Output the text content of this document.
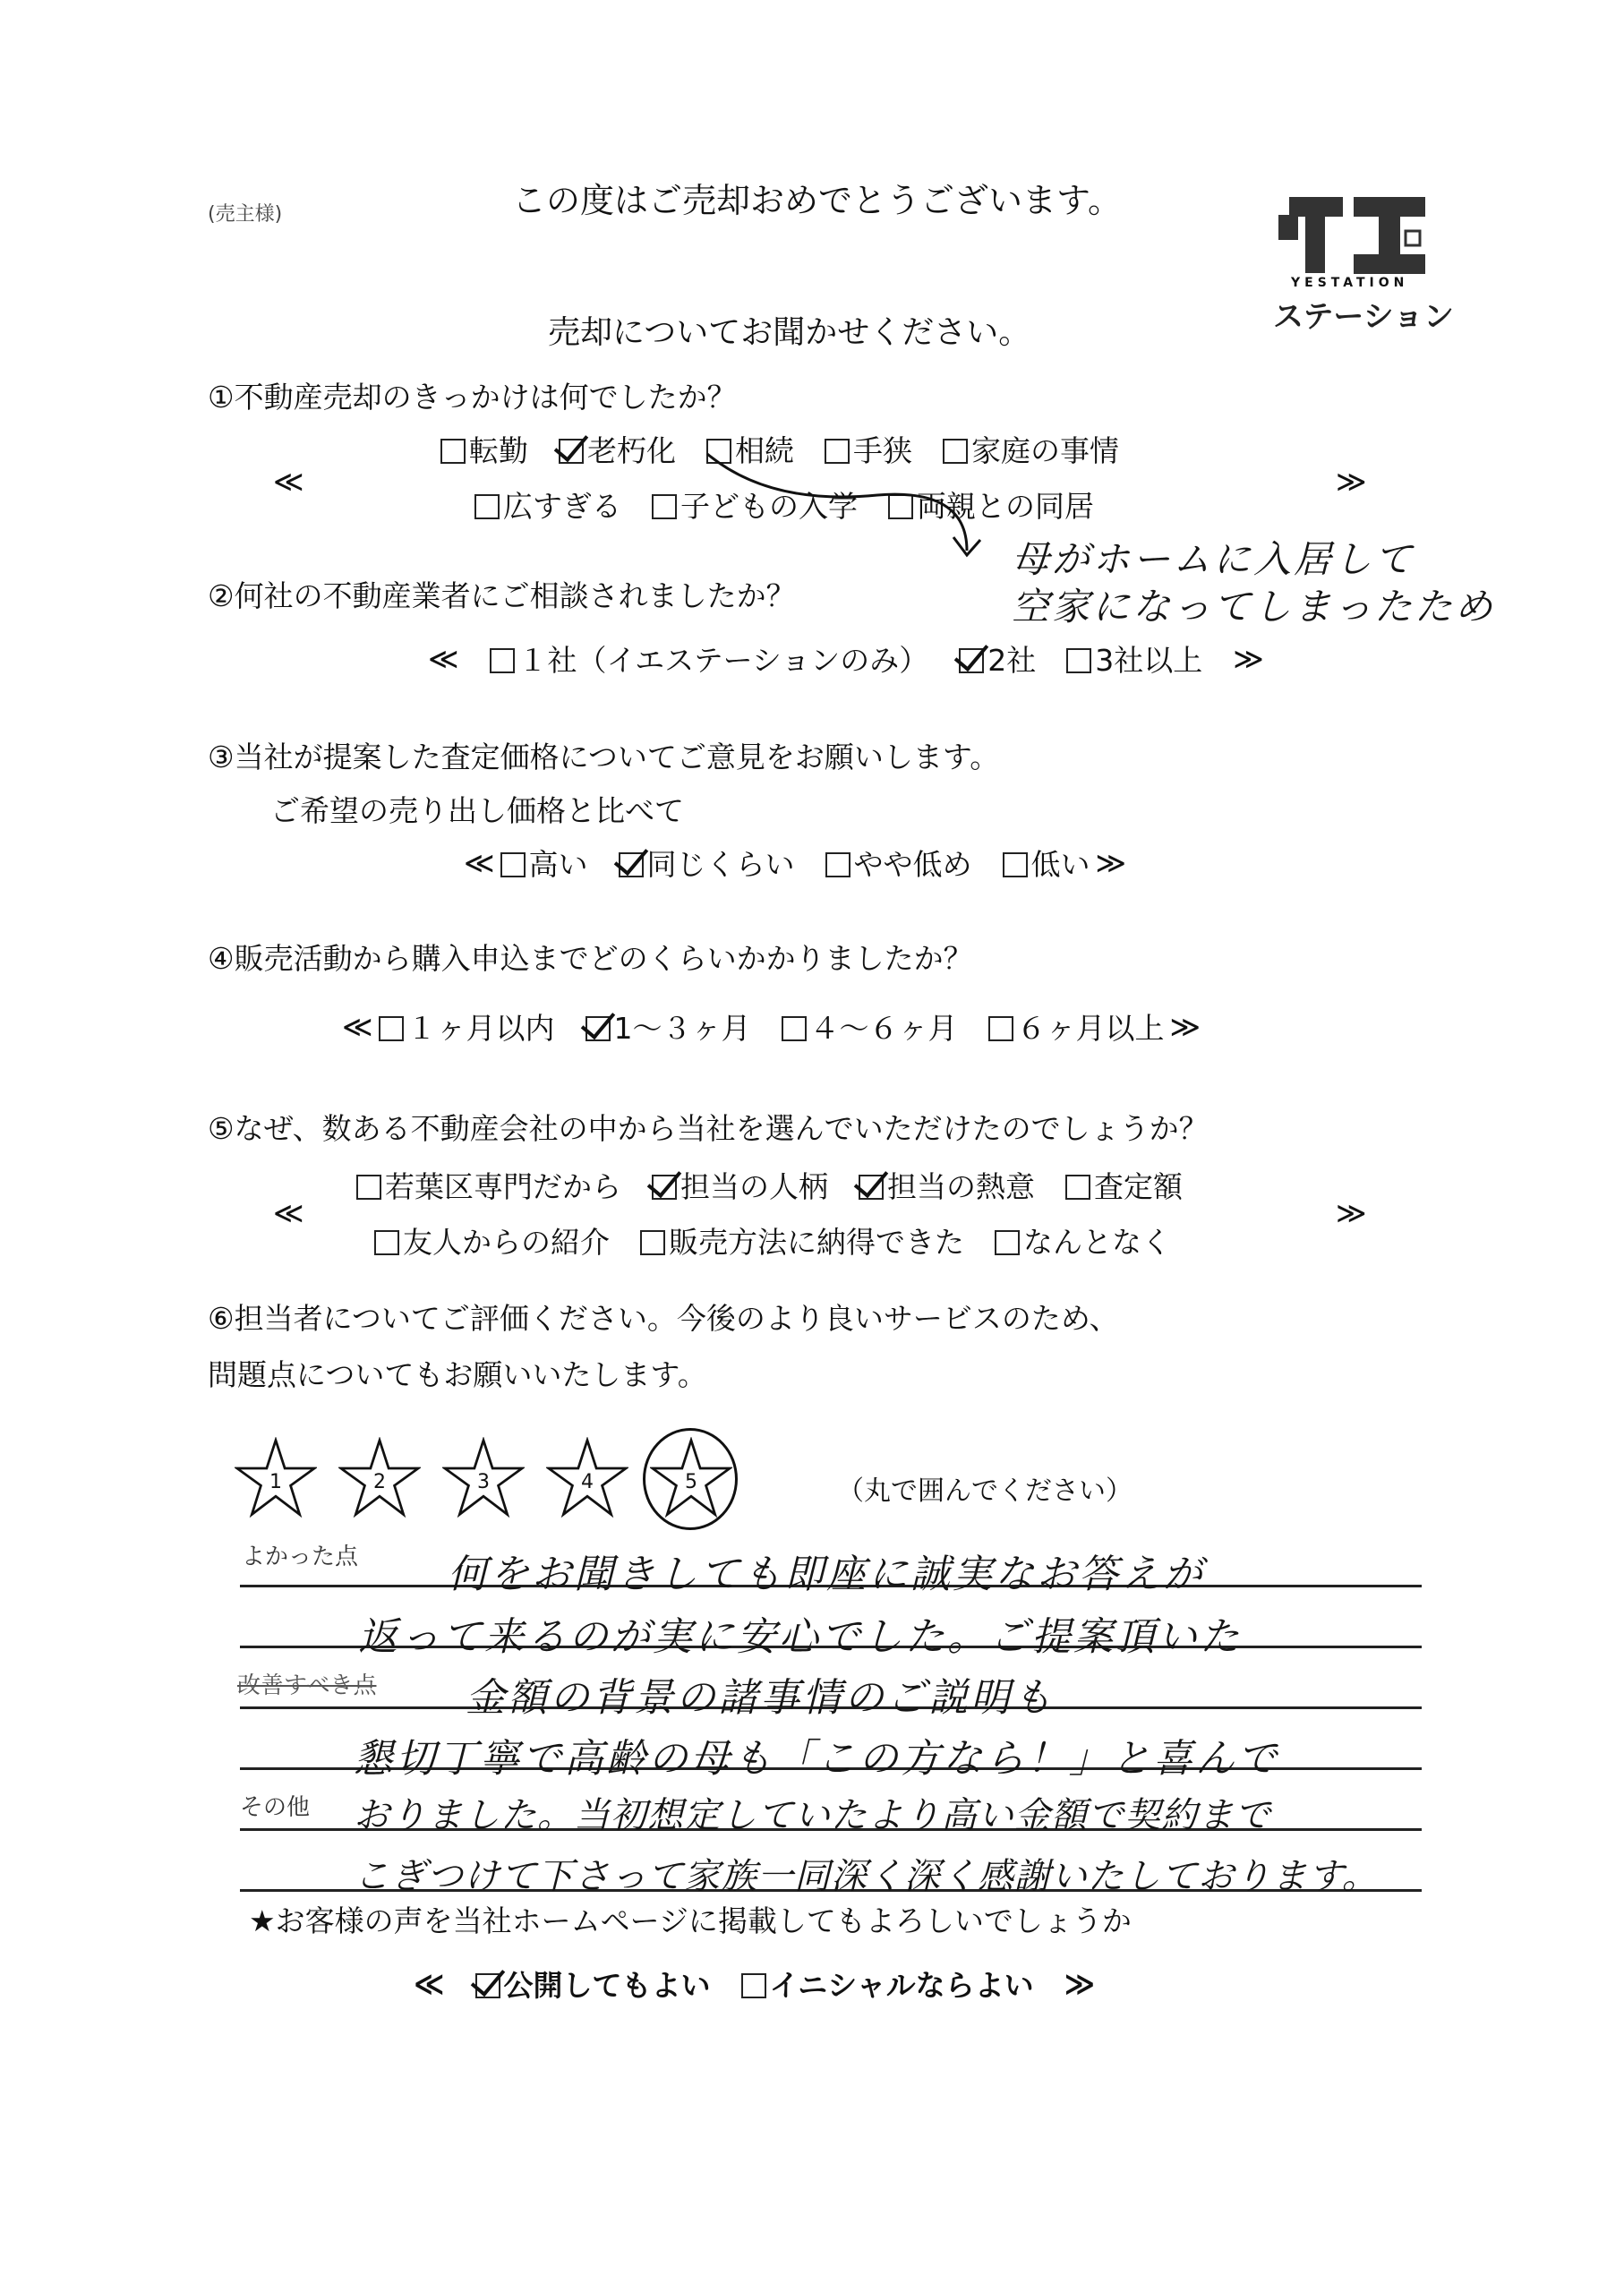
(売主様)	この度はご売却おめでとうございます。
YESTATION
ステーション
売却についてお聞かせください。
①不動産売却のきっかけは何でしたか？
≪	≫
転勤	老朽化	相続	手狭	家庭の事情
広すぎる	子どもの入学	両親との同居
母がホームに入居して
空家になってしまったため
②何社の不動産業者にご相談されましたか？
≪	１社（イエステーションのみ）	2社	3社以上 ≫
③当社が提案した査定価格についてご意見をお願いします。
ご希望の売り出し価格と比べて
≪	高い	同じくらい	やや低め	低い ≫
④販売活動から購入申込までどのくらいかかりましたか？
≪	１ヶ月以内	1～３ヶ月	４～６ヶ月	６ヶ月以上 ≫
⑤なぜ、数ある不動産会社の中から当社を選んでいただけたのでしょうか？
≪	≫
若葉区専門だから	担当の人柄	担当の熱意	査定額
友人からの紹介	販売方法に納得できた	なんとなく
⑥担当者についてご評価ください。今後のより良いサービスのため、
問題点についてもお願いいたします。
1	2	3	4	5	（丸で囲んでください）
よかった点
改善すべき点
その他
何をお聞きしても即座に誠実なお答えが
返って来るのが実に安心でした。ご提案頂いた
金額の背景の諸事情のご説明も
懇切丁寧で高齢の母も「この方なら！」と喜んで
おりました。当初想定していたより高い金額で契約まで
こぎつけて下さって家族一同深く深く感謝いたしております。
★お客様の声を当社ホームページに掲載してもよろしいでしょうか
≪	公開してもよい	イニシャルならよい ≫
